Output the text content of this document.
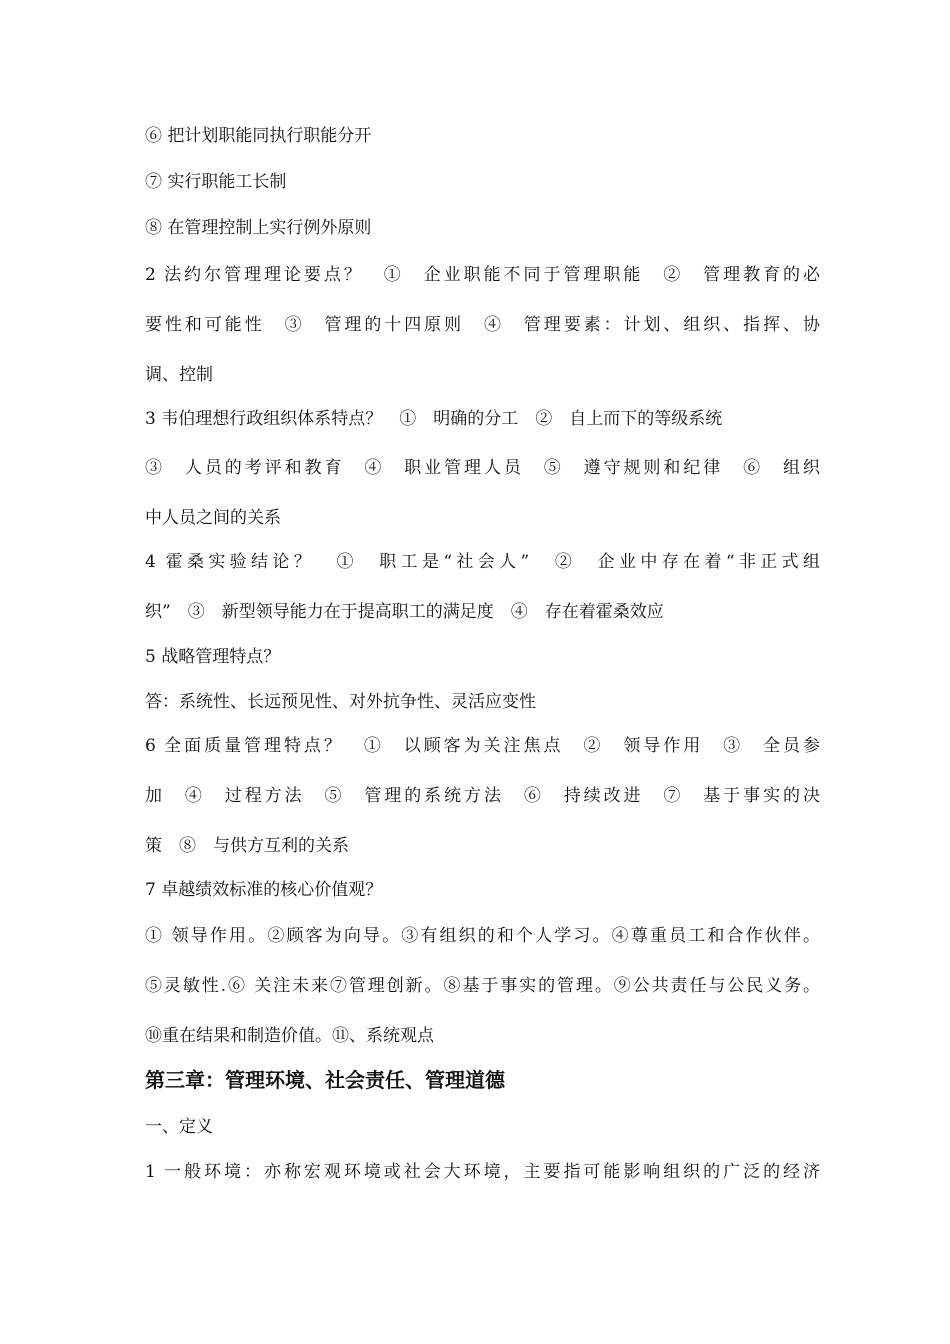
⑥ 把计划职能同执行职能分开
⑦ 实行职能工长制
⑧ 在管理控制上实行例外原则
2 法约尔管理理论要点？　①　企业职能不同于管理职能　②　管理教育的必
要性和可能性　③　管理的十四原则　④　管理要素：计划、组织、指挥、协
调、控制
3 韦伯理想行政组织体系特点？　①　明确的分工　②　自上而下的等级系统
③　人员的考评和教育　④　职业管理人员　⑤　遵守规则和纪律　⑥　组织
中人员之间的关系
4 霍桑实验结论？　①　职工是“社会人”　②　企业中存在着“非正式组
织”　③　新型领导能力在于提高职工的满足度　④　存在着霍桑效应
5 战略管理特点？
答：系统性、长远预见性、对外抗争性、灵活应变性
6 全面质量管理特点？　①　以顾客为关注焦点　②　领导作用　③　全员参
加　④　过程方法　⑤　管理的系统方法　⑥　持续改进　⑦　基于事实的决
策　⑧　与供方互利的关系
7 卓越绩效标准的核心价值观？
① 领导作用。②顾客为向导。③有组织的和个人学习。④尊重员工和合作伙伴。
⑤灵敏性.⑥ 关注未来⑦管理创新。⑧基于事实的管理。⑨公共责任与公民义务。
⑩重在结果和制造价值。⑪、系统观点
第三章：管理环境、社会责任、管理道德
一、定义
1 一般环境：亦称宏观环境或社会大环境，主要指可能影响组织的广泛的经济
